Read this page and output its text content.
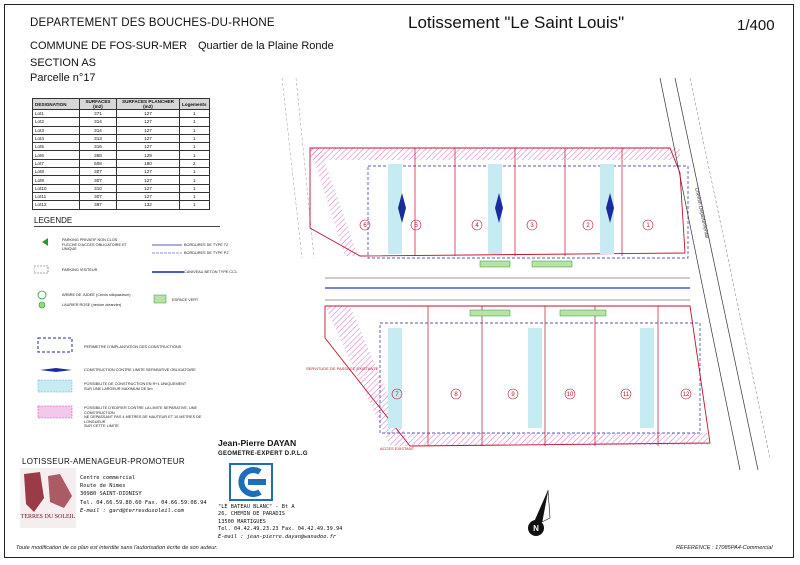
DEPARTEMENT DES BOUCHES-DU-RHONE	Lotissement "Le Saint Louis"	1/400
COMMUNE DE FOS-SUR-MER Quartier de la Plaine Ronde
SECTION AS
Parcelle n°17
DESIGNATION	SURFACES (m2)	SURFACES PLANCHER (m2)	Logements
Lot1	371	127	1
Lot2	314	127	1
Lot3	314	127	1
Lot4	313	127	1
Lot5	316	127	1
Lot6	368	129	1
Lot7	508	180	2
Lot8	307	127	1
Lot9	307	127	1
Lot10	310	127	1
Lot11	307	127	1
Lot12	387	132	1
LEGENDE
PARKING PRIVATIF NON CLOS
FLECHE D'ACCES OBLIGATOIRE ET UNIQUE
BORDURES DE TYPE T2
BORDURES DE TYPE P2
PARKING VISITEUR	CANIVEAU BETON TYPE CC1
ARBRE DE JUDEE (Cercis siliquastrum)
LAURIER ROSE (nerium oleander)
ESPACE VERT
PERIMETRE D'IMPLANTATION DES CONSTRUCTIONS
CONSTRUCTION CONTRE LIMITE SEPARATIVE OBLIGATOIRE
POSSIBILITE DE CONSTRUCTION EN R+1 UNIQUEMENT
SUR UNE LARGEUR MAXIMUM DE 5m
POSSIBILITE D'EDIFIER CONTRE LA LIMITE SEPARATIVE, UNE CONSTRUCTION
NE DEPASSANT PAS 4 METRES DE HAUTEUR ET 10 METRES DE LONGUEUR
SUR CETTE LIMITE
Chemin Departemental
6	5	4	3	2	1
7	8	9	10	11	12
SERVITUDE DE PASSAGE EXISTANTE
ACCES EXISTANT
LOTISSEUR-AMENAGEUR-PROMOTEUR
TERRES DU SOLEIL
Centre commercial
Route de Nimes
30980 SAINT-DIONISY
Tel. 04.66.59.80.60 Fax. 04.66.59.08.94
E-mail : gard@terresdusoleil.com
Jean-Pierre DAYAN
GEOMETRE-EXPERT D.P.L.G
"LE BATEAU BLANC" - Bt A
26, CHEMIN DE PARADIS
13500 MARTIGUES
Tel. 04.42.49.23.23 Fax. 04.42.49.39.94
E-mail : jean-pierre.dayan@wanadoo.fr
N
Toute modification de ce plan est interdite sans l'autorisation écrite de son auteur.	REFERENCE : 17085PA4-Commercial
